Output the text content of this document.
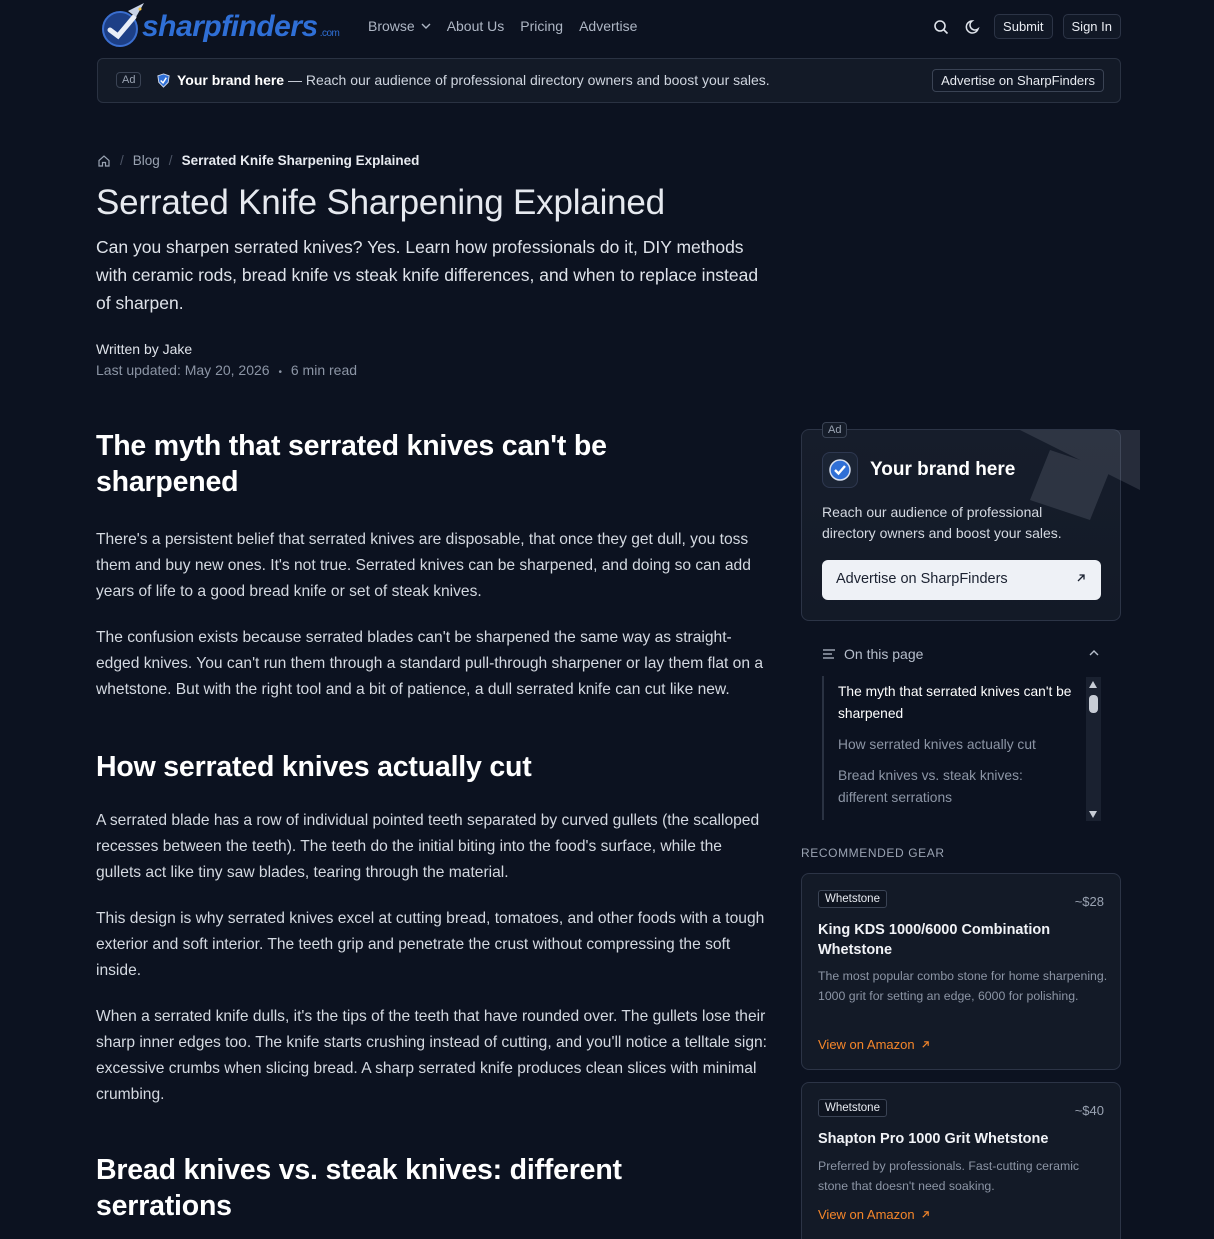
sharpfinders .com Browse About Us Pricing Advertise	Submit	Sign In
Ad	Your brand here — Reach our audience of professional directory owners and boost your sales.	Advertise on SharpFinders
/ Blog / Serrated Knife Sharpening Explained
Serrated Knife Sharpening Explained

Can you sharpen serrated knives? Yes. Learn how professionals do it, DIY methods with ceramic rods, bread knife vs steak knife differences, and when to replace instead of sharpen.

Written by Jake
Last updated: May 20, 2026 • 6 min read
The myth that serrated knives can't be sharpened

There's a persistent belief that serrated knives are disposable, that once they get dull, you toss them and buy new ones. It's not true. Serrated knives can be sharpened, and doing so can add years of life to a good bread knife or set of steak knives.

The confusion exists because serrated blades can't be sharpened the same way as straight-edged knives. You can't run them through a standard pull-through sharpener or lay them flat on a whetstone. But with the right tool and a bit of patience, a dull serrated knife can cut like new.

How serrated knives actually cut

A serrated blade has a row of individual pointed teeth separated by curved gullets (the scalloped recesses between the teeth). The teeth do the initial biting into the food's surface, while the gullets act like tiny saw blades, tearing through the material.

This design is why serrated knives excel at cutting bread, tomatoes, and other foods with a tough exterior and soft interior. The teeth grip and penetrate the crust without compressing the soft inside.

When a serrated knife dulls, it's the tips of the teeth that have rounded over. The gullets lose their sharp inner edges too. The knife starts crushing instead of cutting, and you'll notice a telltale sign: excessive crumbs when slicing bread. A sharp serrated knife produces clean slices with minimal crumbing.

Bread knives vs. steak knives: different serrations
Ad
Your brand here

Reach our audience of professional directory owners and boost your sales.

Advertise on SharpFinders
On this page
The myth that serrated knives can't be sharpened
How serrated knives actually cut
Bread knives vs. steak knives: different serrations
RECOMMENDED GEAR
Whetstone	~$28
King KDS 1000/6000 Combination Whetstone

The most popular combo stone for home sharpening. 1000 grit for setting an edge, 6000 for polishing.

View on Amazon
Whetstone	~$40
Shapton Pro 1000 Grit Whetstone

Preferred by professionals. Fast-cutting ceramic stone that doesn't need soaking.

View on Amazon
